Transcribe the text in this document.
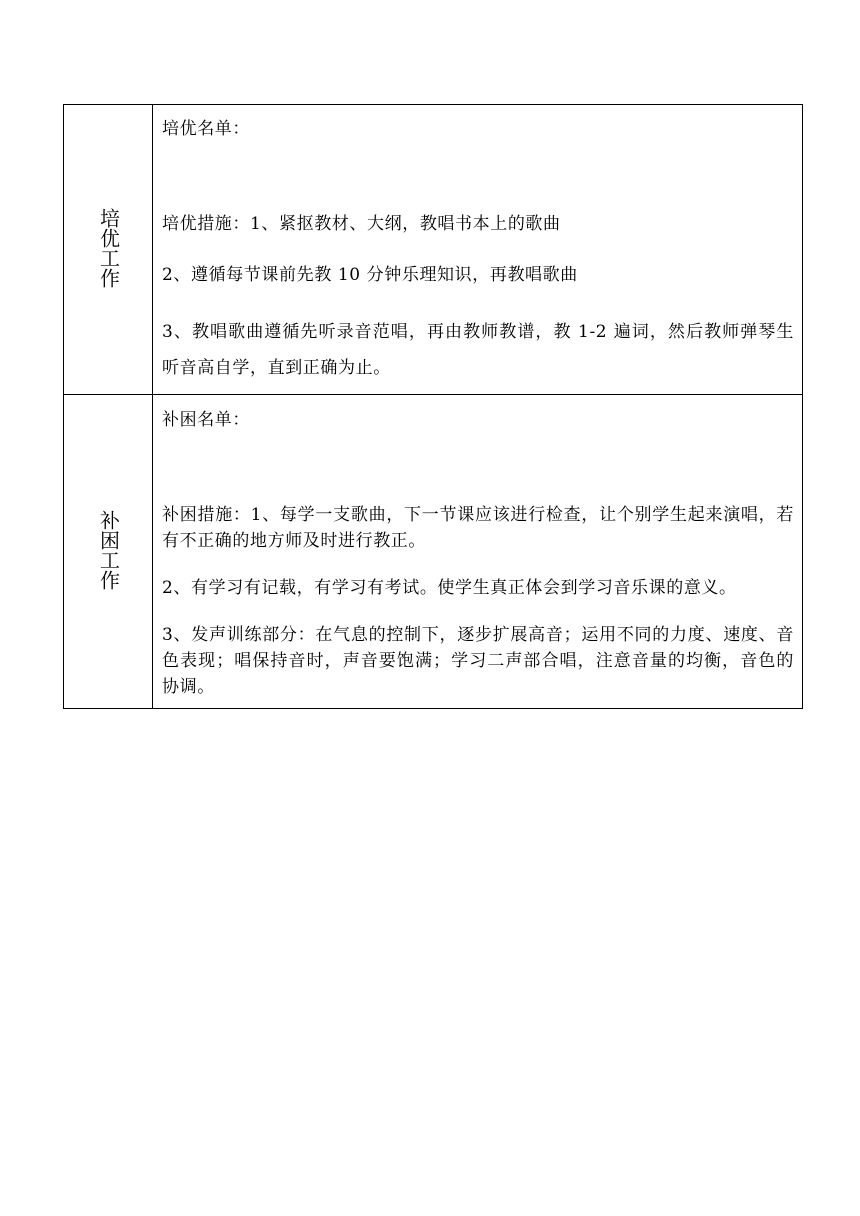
培优工作	培优名单：

培优措施：1、紧抠教材、大纲，教唱书本上的歌曲

2、遵循每节课前先教 10 分钟乐理知识，再教唱歌曲

3、教唱歌曲遵循先听录音范唱，再由教师教谱，教 1-2 遍词，然后教师弹琴生听音高自学，直到正确为止。

补困工作	补困名单：

补困措施：1、每学一支歌曲，下一节课应该进行检查，让个别学生起来演唱，若有不正确的地方师及时进行教正。

2、有学习有记载，有学习有考试。使学生真正体会到学习音乐课的意义。

3、发声训练部分：在气息的控制下，逐步扩展高音；运用不同的力度、速度、音色表现；唱保持音时，声音要饱满；学习二声部合唱，注意音量的均衡，音色的协调。
